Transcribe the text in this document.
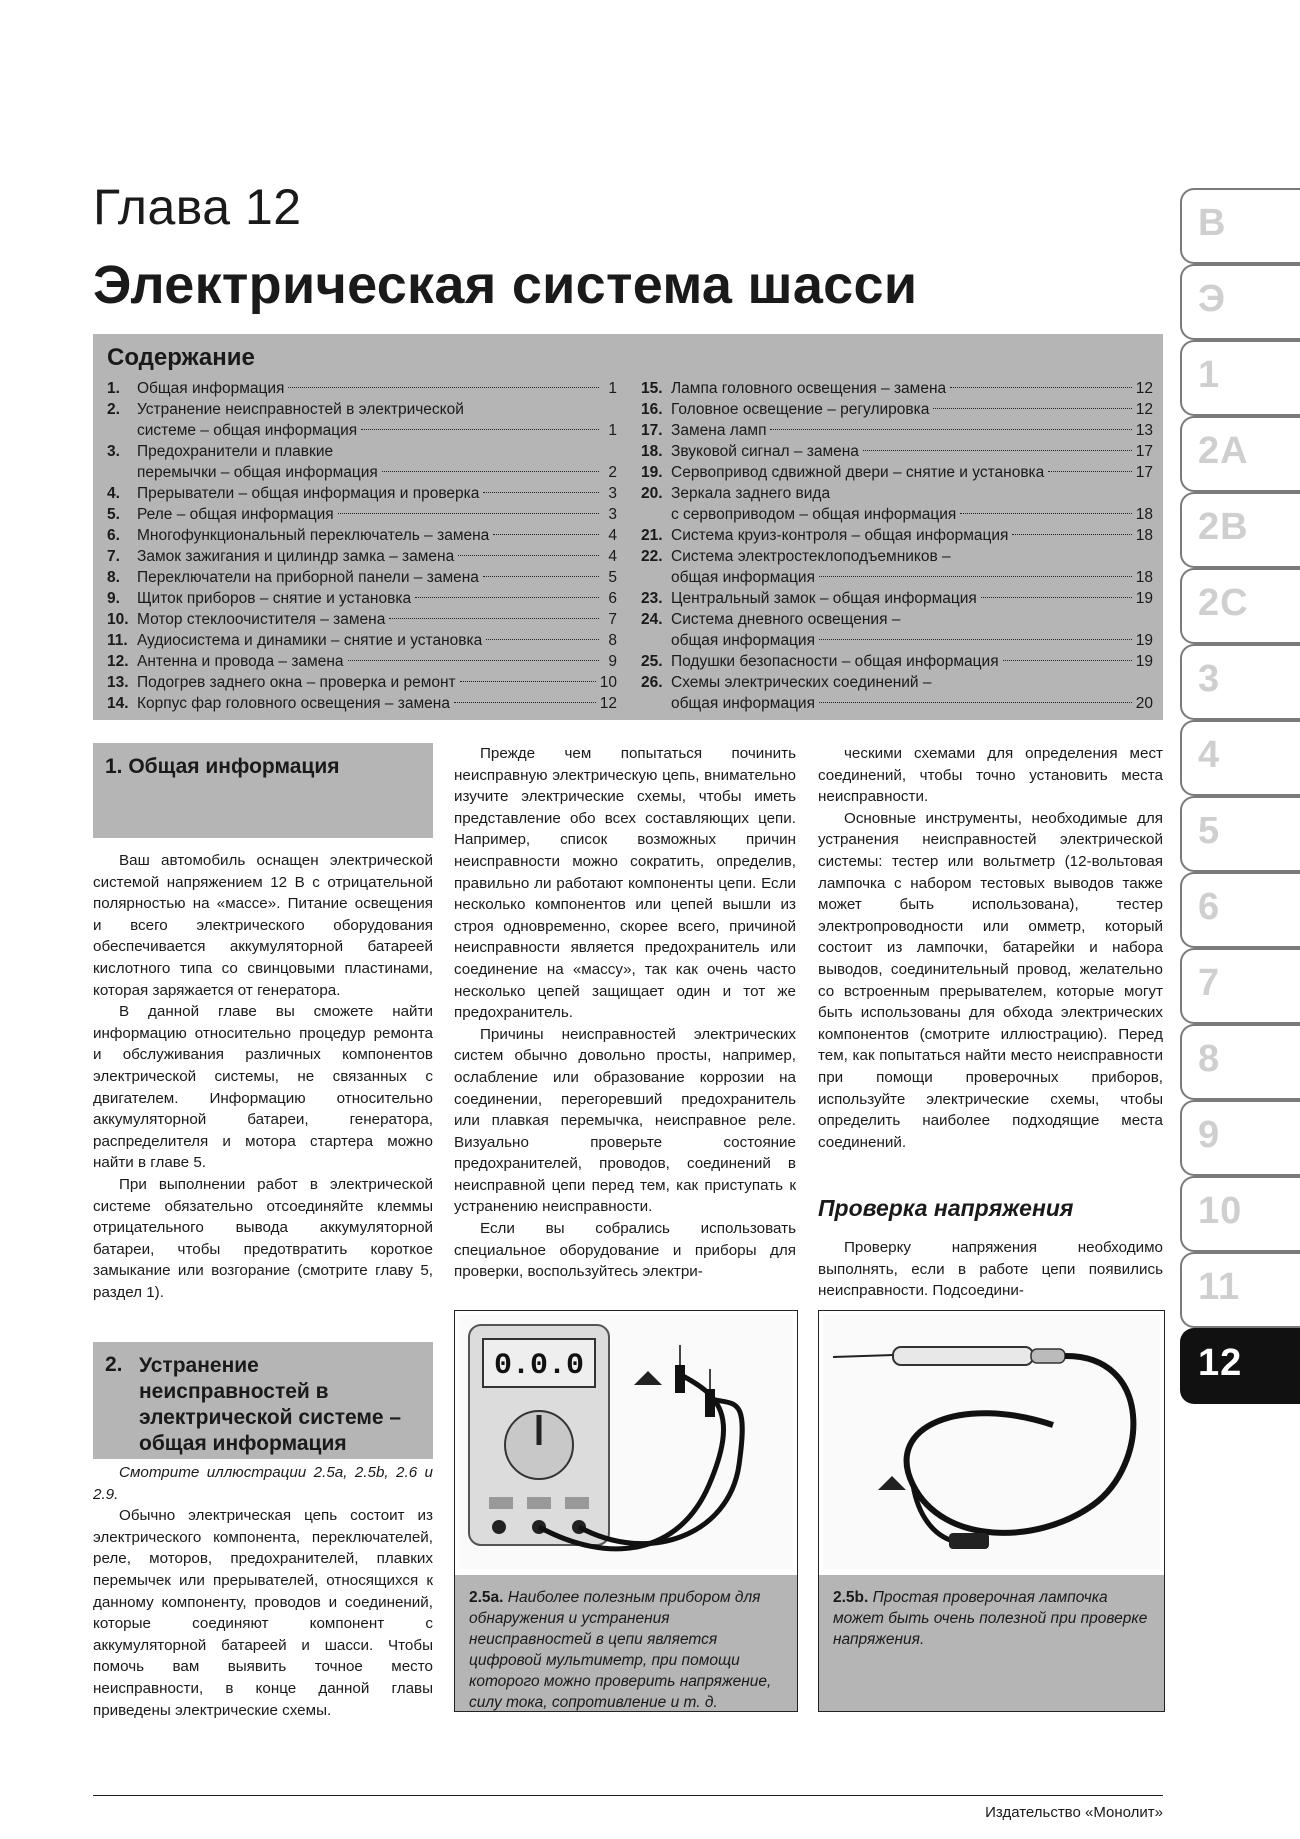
Глава 12
Электрическая система шасси
Содержание
1.	Общая информация	1
2.	Устранение неисправностей в электрической
системе – общая информация	1
3.	Предохранители и плавкие
перемычки – общая информация	2
4.	Прерыватели – общая информация и проверка	3
5.	Реле – общая информация	3
6.	Многофункциональный переключатель – замена	4
7.	Замок зажигания и цилиндр замка – замена	4
8.	Переключатели на приборной панели – замена	5
9.	Щиток приборов – снятие и установка	6
10. Мотор стеклоочистителя – замена	7
11. Аудиосистема и динамики – снятие и установка	8
12. Антенна и провода – замена	9
13. Подогрев заднего окна – проверка и ремонт	10
14. Корпус фар головного освещения – замена	12
15. Лампа головного освещения – замена	12
16. Головное освещение – регулировка	12
17. Замена ламп	13
18. Звуковой сигнал – замена	17
19. Сервопривод сдвижной двери – снятие и установка	17
20. Зеркала заднего вида
с сервоприводом – общая информация	18
21. Система круиз-контроля – общая информация	18
22. Система электростеклоподъемников –
общая информация	18
23. Центральный замок – общая информация	19
24. Система дневного освещения –
общая информация	19
25. Подушки безопасности – общая информация	19
26. Схемы электрических соединений –
общая информация	20
1. Общая информация

Ваш автомобиль оснащен электрической системой напряжением 12 В с отрицательной полярностью на «массе». Питание освещения и всего электрического оборудования обеспечивается аккумуляторной батареей кислотного типа со свинцовыми пластинами, которая заряжается от генератора.

В данной главе вы сможете найти информацию относительно процедур ремонта и обслуживания различных компонентов электрической системы, не связанных с двигателем. Информацию относительно аккумуляторной батареи, генератора, распределителя и мотора стартера можно найти в главе 5.

При выполнении работ в электрической системе обязательно отсоединяйте клеммы отрицательного вывода аккумуляторной батареи, чтобы предотвратить короткое замыкание или возгорание (смотрите главу 5, раздел 1).

2. Устранение неисправностей в электрической системе – общая информация

Смотрите иллюстрации 2.5a, 2.5b, 2.6 и 2.9.

Обычно электрическая цепь состоит из электрического компонента, переключателей, реле, моторов, предохранителей, плавких перемычек или прерывателей, относящихся к данному компоненту, проводов и соединений, которые соединяют компонент с аккумуляторной батареей и шасси. Чтобы помочь вам выявить точное место неисправности, в конце данной главы приведены электрические схемы.

Прежде чем попытаться починить неисправную электрическую цепь, внимательно изучите электрические схемы, чтобы иметь представление обо всех составляющих цепи. Например, список возможных причин неисправности можно сократить, определив, правильно ли работают компоненты цепи. Если несколько компонентов или цепей вышли из строя одновременно, скорее всего, причиной неисправности является предохранитель или соединение на «массу», так как очень часто несколько цепей защищает один и тот же предохранитель.

Причины неисправностей электрических систем обычно довольно просты, например, ослабление или образование коррозии на соединении, перегоревший предохранитель или плавкая перемычка, неисправное реле. Визуально проверьте состояние предохранителей, проводов, соединений в неисправной цепи перед тем, как приступать к устранению неисправности.

Если вы собрались использовать специальное оборудование и приборы для проверки, воспользуйтесь электри-

ческими схемами для определения мест соединений, чтобы точно установить места неисправности.

Основные инструменты, необходимые для устранения неисправностей электрической системы: тестер или вольтметр (12-вольтовая лампочка с набором тестовых выводов также может быть использована), тестер электропроводности или омметр, который состоит из лампочки, батарейки и набора выводов, соединительный провод, желательно со встроенным прерывателем, которые могут быть использованы для обхода электрических компонентов (смотрите иллюстрацию). Перед тем, как попытаться найти место неисправности при помощи проверочных приборов, используйте электрические схемы, чтобы определить наиболее подходящие места соединений.

Проверка напряжения

Проверку напряжения необходимо выполнять, если в работе цепи появились неисправности. Подсоедини-

0.0.0
2.5a. Наиболее полезным прибором для обнаружения и устранения неисправностей в цепи является цифровой мультиметр, при помощи которого можно проверить напряжение, силу тока, сопротивление и т. д.
2.5b. Простая проверочная лампочка может быть очень полезной при проверке напряжения.
В
Э
1
2A
2B
2C
3
4
5
6
7
8
9
10
11
12
Издательство «Монолит»
